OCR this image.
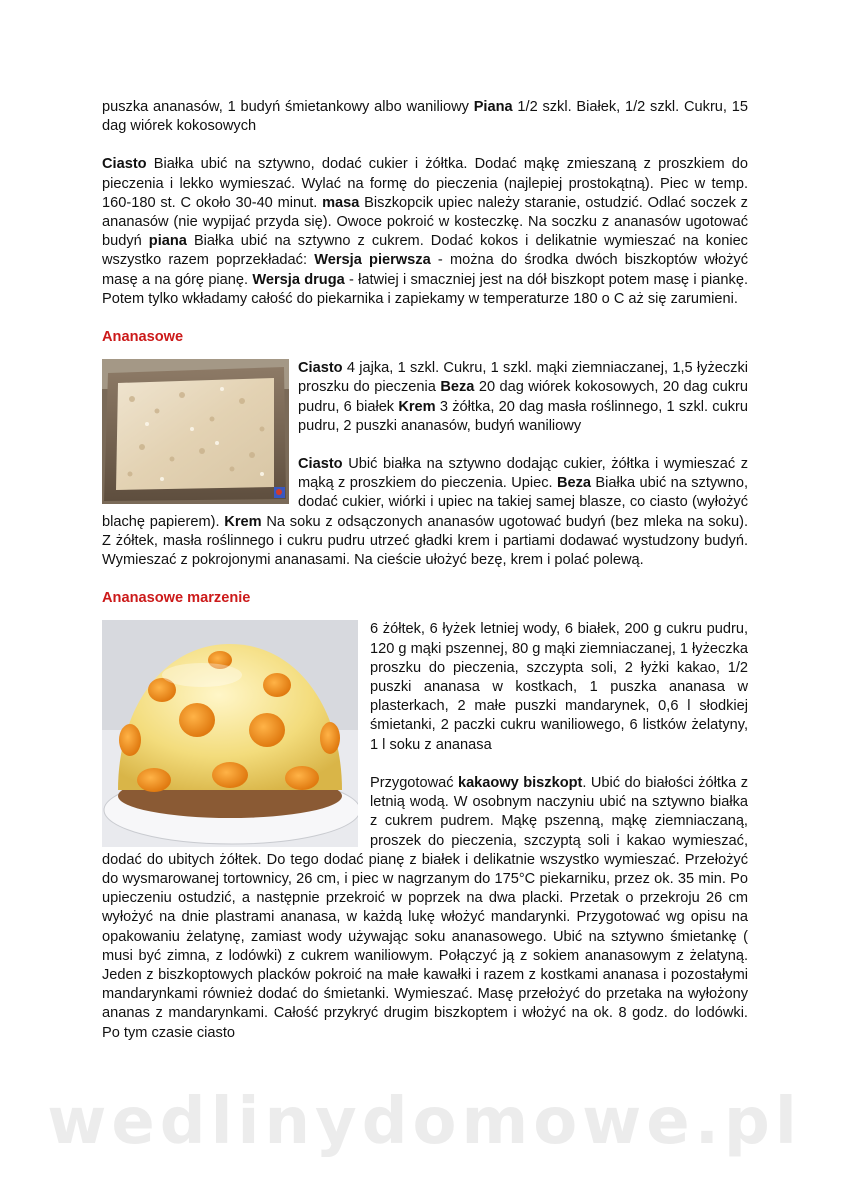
puszka ananasów, 1 budyń śmietankowy albo waniliowy Piana 1/2 szkl. Białek, 1/2 szkl. Cukru, 15 dag wiórek kokosowych

Ciasto Białka ubić na sztywno, dodać cukier i żółtka. Dodać mąkę zmieszaną z proszkiem do pieczenia i lekko wymieszać. Wylać na formę do pieczenia (najlepiej prostokątną). Piec w temp. 160-180 st. C około 30-40 minut. masa Biszkopcik upiec należy staranie, ostudzić. Odlać soczek z ananasów (nie wypijać przyda się). Owoce pokroić w kosteczkę. Na soczku z ananasów ugotować budyń piana Białka ubić na sztywno z cukrem. Dodać kokos i delikatnie wymieszać na koniec wszystko razem poprzekładać: Wersja pierwsza - można do środka dwóch biszkoptów włożyć masę a na górę pianę. Wersja druga - łatwiej i smaczniej jest na dół biszkopt potem masę i piankę. Potem tylko wkładamy całość do piekarnika i zapiekamy w temperaturze 180 o C aż się zarumieni.

Ananasowe

Ciasto 4 jajka, 1 szkl. Cukru, 1 szkl. mąki ziemniaczanej, 1,5 łyżeczki proszku do pieczenia Beza 20 dag wiórek kokosowych, 20 dag cukru pudru, 6 białek Krem 3 żółtka, 20 dag masła roślinnego, 1 szkl. cukru pudru, 2 puszki ananasów, budyń waniliowy

Ciasto Ubić białka na sztywno dodając cukier, żółtka i wymieszać z mąką z proszkiem do pieczenia. Upiec. Beza Białka ubić na sztywno, dodać cukier, wiórki i upiec na takiej samej blasze, co ciasto (wyłożyć blachę papierem). Krem Na soku z odsączonych ananasów ugotować budyń (bez mleka na soku). Z żółtek, masła roślinnego i cukru pudru utrzeć gładki krem i partiami dodawać wystudzony budyń. Wymieszać z pokrojonymi ananasami. Na cieście ułożyć bezę, krem i polać polewą.

Ananasowe marzenie

6 żółtek, 6 łyżek letniej wody, 6 białek, 200 g cukru pudru, 120 g mąki pszennej, 80 g mąki ziemniaczanej, 1 łyżeczka proszku do pieczenia, szczypta soli, 2 łyżki kakao, 1/2 puszki ananasa w kostkach, 1 puszka ananasa w plasterkach, 2 małe puszki mandarynek, 0,6 l słodkiej śmietanki, 2 paczki cukru waniliowego, 6 listków żelatyny, 1 l soku z ananasa

Przygotować kakaowy biszkopt. Ubić do białości żółtka z letnią wodą. W osobnym naczyniu ubić na sztywno białka z cukrem pudrem. Mąkę pszenną, mąkę ziemniaczaną, proszek do pieczenia, szczyptą soli i kakao wymieszać, dodać do ubitych żółtek. Do tego dodać pianę z białek i delikatnie wszystko wymieszać. Przełożyć do wysmarowanej tortownicy, 26 cm, i piec w nagrzanym do 175°C piekarniku, przez ok. 35 min. Po upieczeniu ostudzić, a następnie przekroić w poprzek na dwa placki. Przetak o przekroju 26 cm wyłożyć na dnie plastrami ananasa, w każdą lukę włożyć mandarynki. Przygotować wg opisu na opakowaniu żelatynę, zamiast wody używając soku ananasowego. Ubić na sztywno śmietankę ( musi być zimna, z lodówki) z cukrem waniliowym. Połączyć ją z sokiem ananasowym z żelatyną. Jeden z biszkoptowych placków pokroić na małe kawałki i razem z kostkami ananasa i pozostałymi mandarynkami również dodać do śmietanki. Wymieszać. Masę przełożyć do przetaka na wyłożony ananas z mandarynkami. Całość przykryć drugim biszkoptem i włożyć na ok. 8 godz. do lodówki. Po tym czasie ciasto

wedlinydomowe.pl
